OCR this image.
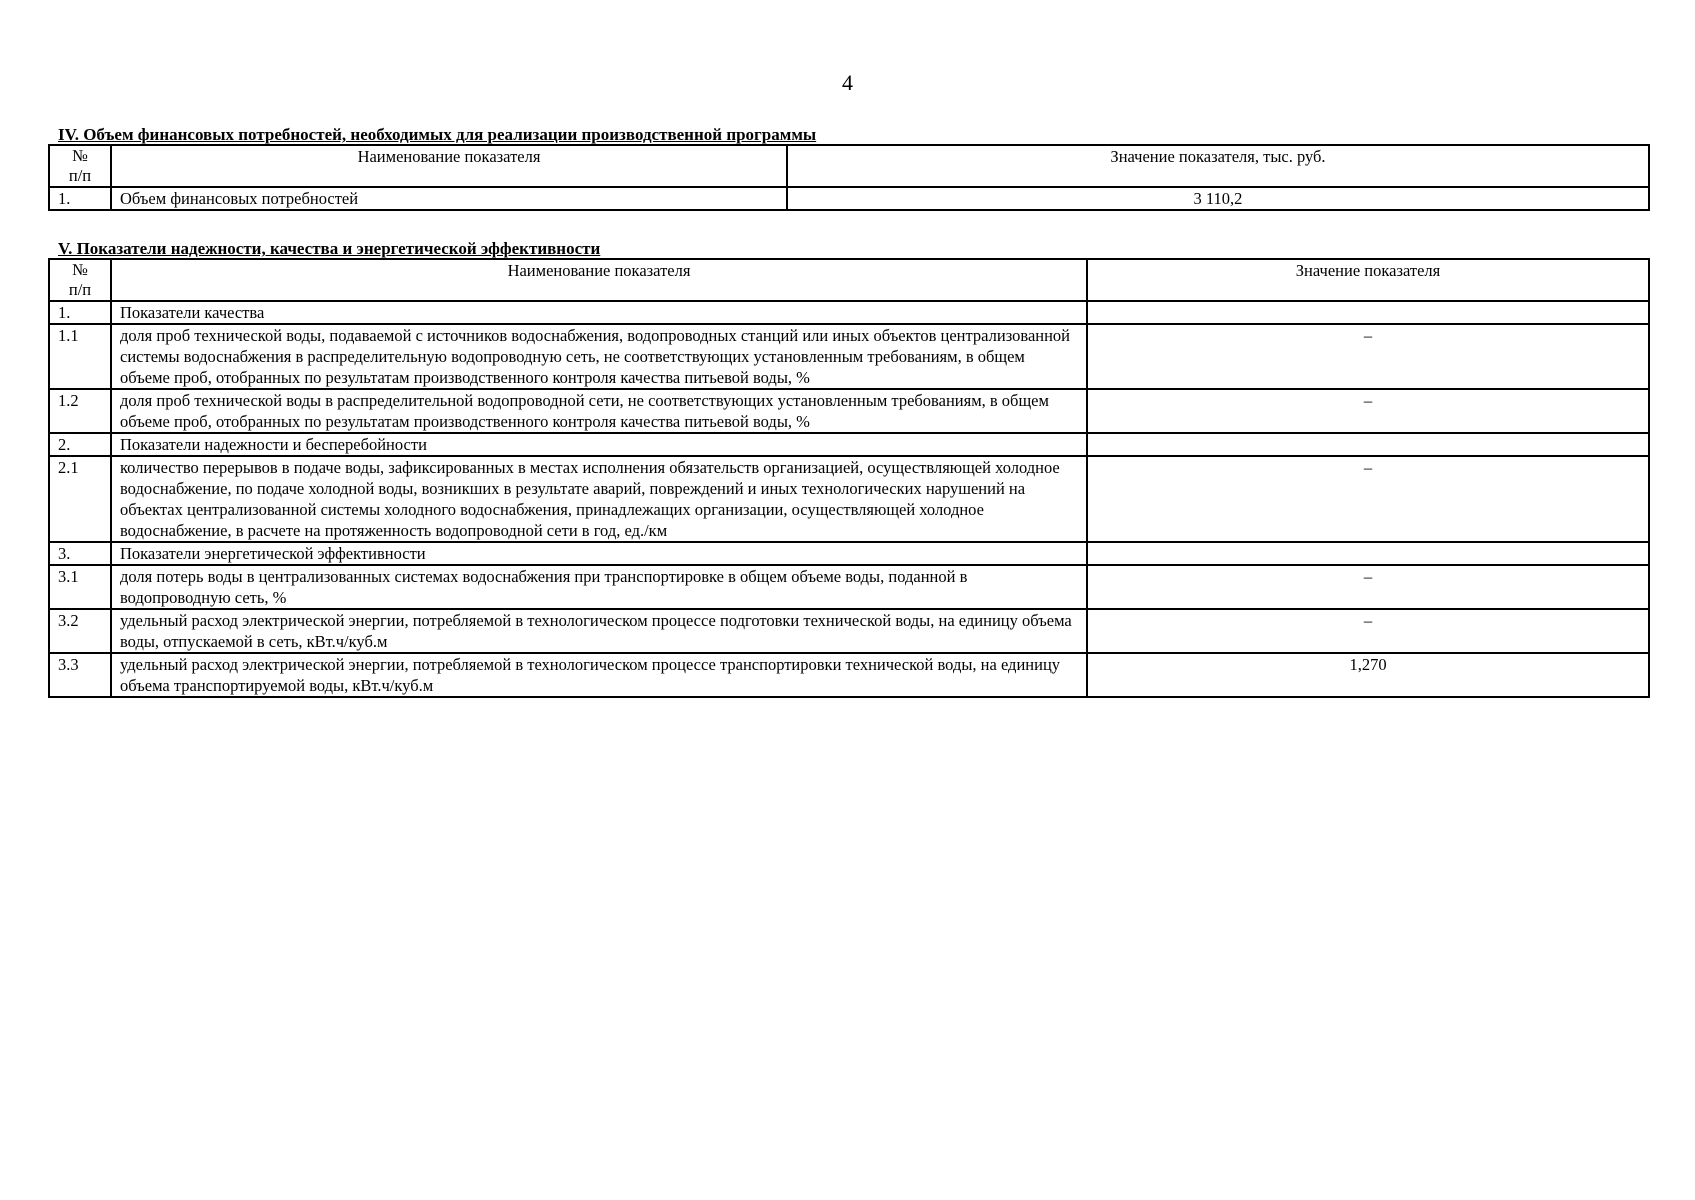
4
IV. Объем финансовых потребностей, необходимых для реализации производственной программы
№
п/п	Наименование показателя	Значение показателя, тыс. руб.
1.	Объем финансовых потребностей	3 110,2
V. Показатели надежности, качества и энергетической эффективности
№
п/п	Наименование показателя	Значение показателя
1.	Показатели качества	
1.1	доля проб технической воды, подаваемой с источников водоснабжения, водопроводных станций или иных объектов централизованной системы водоснабжения в распределительную водопроводную сеть, не соответствующих установленным требованиям, в общем объеме проб, отобранных по результатам производственного контроля качества питьевой воды, %	–
1.2	доля проб технической воды в распределительной водопроводной сети, не соответствующих установленным требованиям, в общем объеме проб, отобранных по результатам производственного контроля качества питьевой воды, %	–
2.	Показатели надежности и бесперебойности	
2.1	количество перерывов в подаче воды, зафиксированных в местах исполнения обязательств организацией, осуществляющей холодное водоснабжение, по подаче холодной воды, возникших в результате аварий, повреждений и иных технологических нарушений на объектах централизованной системы холодного водоснабжения, принадлежащих организации, осуществляющей холодное водоснабжение, в расчете на протяженность водопроводной сети в год, ед./км	–
3.	Показатели энергетической эффективности	
3.1	доля потерь воды в централизованных системах водоснабжения при транспортировке в общем объеме воды, поданной в водопроводную сеть, %	–
3.2	удельный расход электрической энергии, потребляемой в технологическом процессе подготовки технической воды, на единицу объема воды, отпускаемой в сеть, кВт.ч/куб.м	–
3.3	удельный расход электрической энергии, потребляемой в технологическом процессе транспортировки технической воды, на единицу объема транспортируемой воды, кВт.ч/куб.м	1,270
